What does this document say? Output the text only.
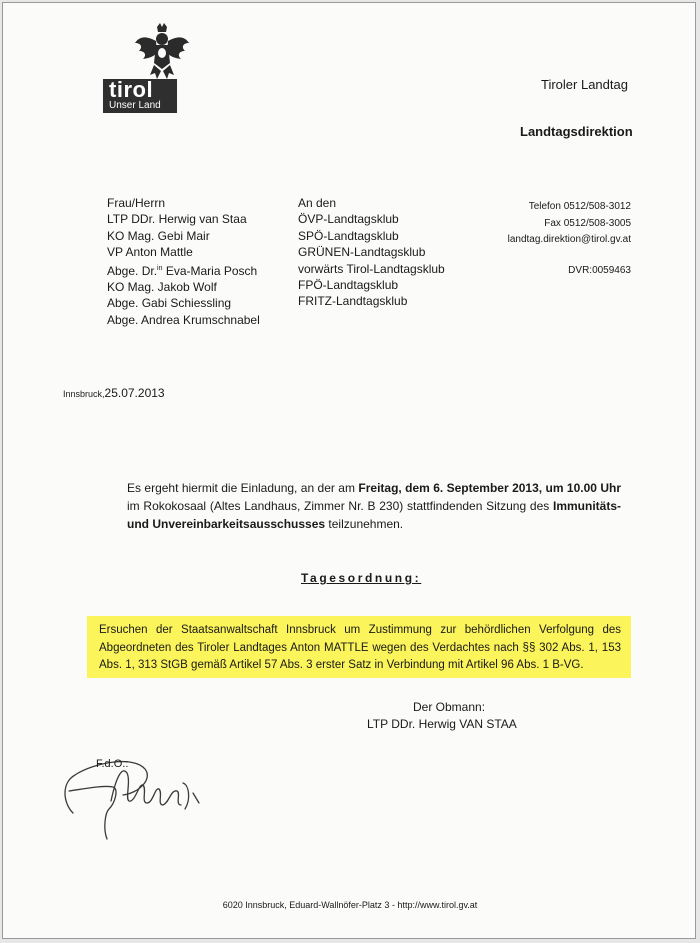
tirol
Unser Land
Tiroler Landtag
Landtagsdirektion
Frau/Herrn
LTP DDr. Herwig van Staa
KO Mag. Gebi Mair
VP Anton Mattle
Abge. Dr.$^{in}$ Eva-Maria Posch
KO Mag. Jakob Wolf
Abge. Gabi Schiessling
Abge. Andrea Krumschnabel
An den
ÖVP-Landtagsklub
SPÖ-Landtagsklub
GRÜNEN-Landtagsklub
vorwärts Tirol-Landtagsklub
FPÖ-Landtagsklub
FRITZ-Landtagsklub
Telefon 0512/508-3012
Fax 0512/508-3005
landtag.direktion@tirol.gv.at
DVR:0059463
Innsbruck,25.07.2013
Es ergeht hiermit die Einladung, an der am Freitag, dem 6. September 2013, um 10.00 Uhr im Rokokosaal (Altes Landhaus, Zimmer Nr. B 230) stattfindenden Sitzung des Immunitäts- und Unvereinbarkeitsausschusses teilzunehmen.
Tagesordnung:
Ersuchen der Staatsanwaltschaft Innsbruck um Zustimmung zur behördlichen Verfolgung des Abgeordneten des Tiroler Landtages Anton MATTLE wegen des Verdachtes nach §§ 302 Abs. 1, 153 Abs. 1, 313 StGB gemäß Artikel 57 Abs. 3 erster Satz in Verbindung mit Artikel 96 Abs. 1 B-VG.
Der Obmann:
LTP DDr. Herwig VAN STAA
F.d.O.:
6020 Innsbruck, Eduard-Wallnöfer-Platz 3 - http://www.tirol.gv.at
